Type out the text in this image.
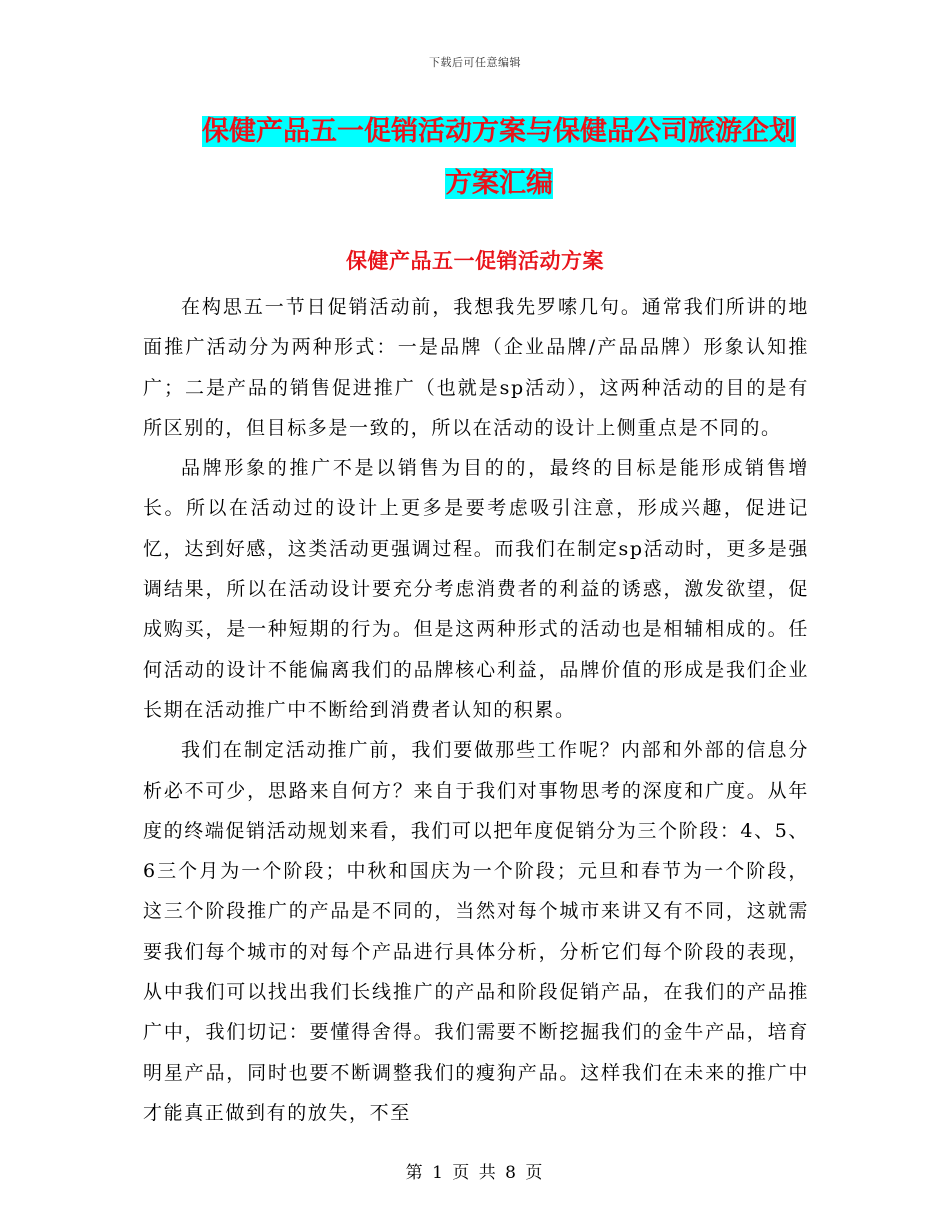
下载后可任意编辑
保健产品五一促销活动方案与保健品公司旅游企划方案汇编
保健产品五一促销活动方案

在构思五一节日促销活动前，我想我先罗嗦几句。通常我们所讲的地面推广活动分为两种形式：一是品牌（企业品牌/产品品牌）形象认知推广；二是产品的销售促进推广（也就是sp活动），这两种活动的目的是有所区别的，但目标多是一致的，所以在活动的设计上侧重点是不同的。

品牌形象的推广不是以销售为目的的，最终的目标是能形成销售增长。所以在活动过的设计上更多是要考虑吸引注意，形成兴趣，促进记忆，达到好感，这类活动更强调过程。而我们在制定sp活动时，更多是强调结果，所以在活动设计要充分考虑消费者的利益的诱惑，激发欲望，促成购买，是一种短期的行为。但是这两种形式的活动也是相辅相成的。任何活动的设计不能偏离我们的品牌核心利益，品牌价值的形成是我们企业长期在活动推广中不断给到消费者认知的积累。

我们在制定活动推广前，我们要做那些工作呢？内部和外部的信息分析必不可少，思路来自何方？来自于我们对事物思考的深度和广度。从年度的终端促销活动规划来看，我们可以把年度促销分为三个阶段：4、5、6三个月为一个阶段；中秋和国庆为一个阶段；元旦和春节为一个阶段，这三个阶段推广的产品是不同的，当然对每个城市来讲又有不同，这就需要我们每个城市的对每个产品进行具体分析，分析它们每个阶段的表现，从中我们可以找出我们长线推广的产品和阶段促销产品，在我们的产品推广中，我们切记：要懂得舍得。我们需要不断挖掘我们的金牛产品，培育明星产品，同时也要不断调整我们的瘦狗产品。这样我们在未来的推广中才能真正做到有的放失，不至

第 1 页 共 8 页
